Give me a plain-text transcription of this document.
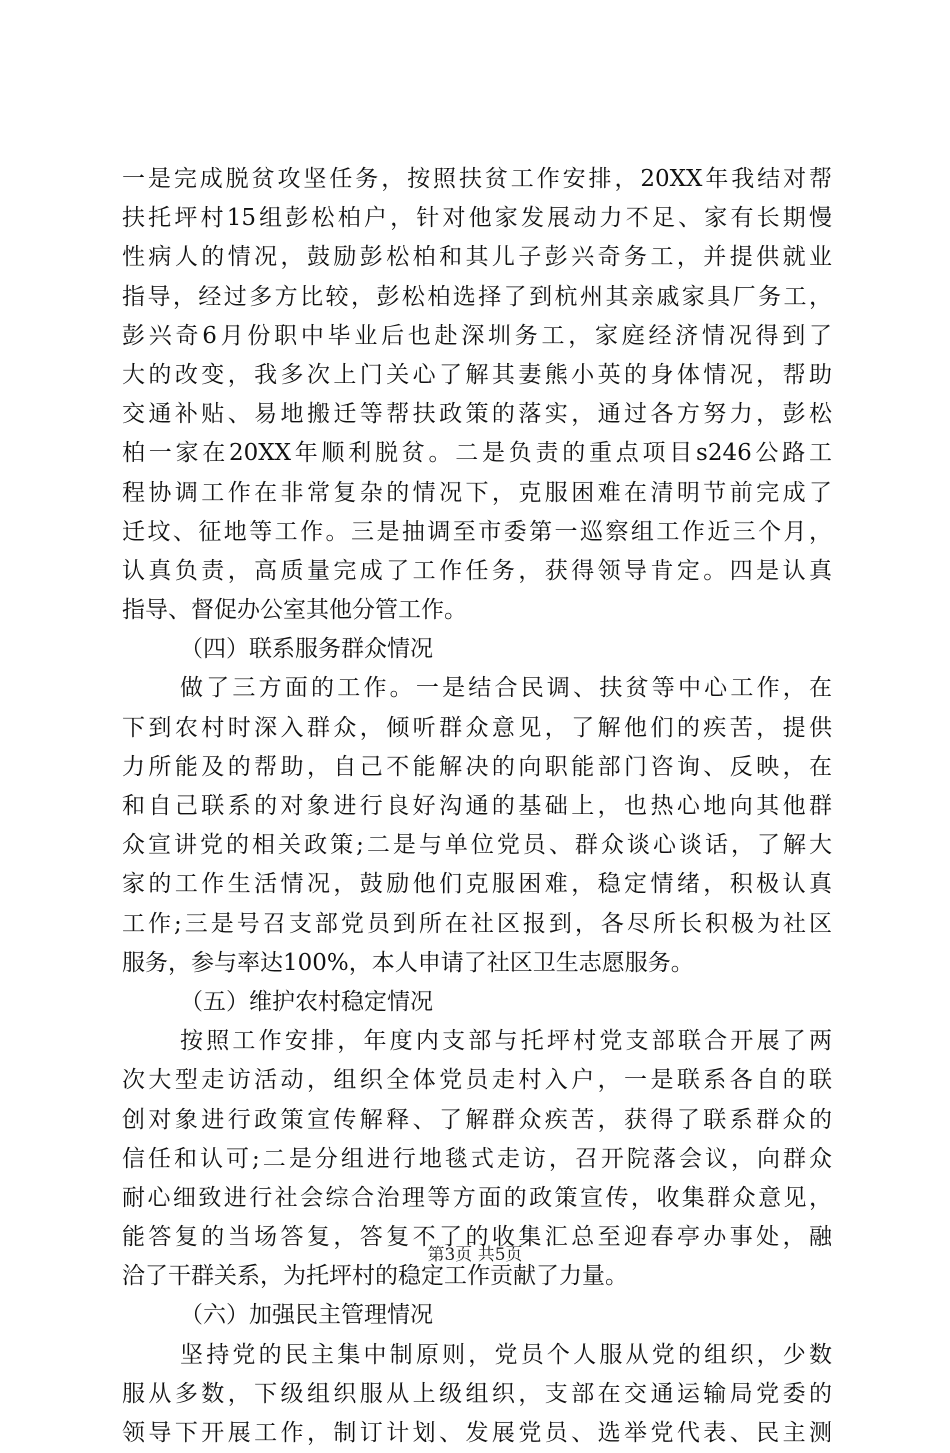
一是完成脱贫攻坚任务，按照扶贫工作安排，20XX年我结对帮
扶托坪村15组彭松柏户，针对他家发展动力不足、家有长期慢
性病人的情况，鼓励彭松柏和其儿子彭兴奇务工，并提供就业
指导，经过多方比较，彭松柏选择了到杭州其亲戚家具厂务工，
彭兴奇6月份职中毕业后也赴深圳务工，家庭经济情况得到了
大的改变，我多次上门关心了解其妻熊小英的身体情况，帮助
交通补贴、易地搬迁等帮扶政策的落实，通过各方努力，彭松
柏一家在20XX年顺利脱贫。二是负责的重点项目s246公路工
程协调工作在非常复杂的情况下，克服困难在清明节前完成了
迁坟、征地等工作。三是抽调至市委第一巡察组工作近三个月，
认真负责，高质量完成了工作任务，获得领导肯定。四是认真
指导、督促办公室其他分管工作。
（四）联系服务群众情况
做了三方面的工作。一是结合民调、扶贫等中心工作，在
下到农村时深入群众，倾听群众意见，了解他们的疾苦，提供
力所能及的帮助，自己不能解决的向职能部门咨询、反映，在
和自己联系的对象进行良好沟通的基础上，也热心地向其他群
众宣讲党的相关政策;二是与单位党员、群众谈心谈话，了解大
家的工作生活情况，鼓励他们克服困难，稳定情绪，积极认真
工作;三是号召支部党员到所在社区报到，各尽所长积极为社区
服务，参与率达100%，本人申请了社区卫生志愿服务。
（五）维护农村稳定情况
按照工作安排，年度内支部与托坪村党支部联合开展了两
次大型走访活动，组织全体党员走村入户，一是联系各自的联
创对象进行政策宣传解释、了解群众疾苦，获得了联系群众的
信任和认可;二是分组进行地毯式走访，召开院落会议，向群众
耐心细致进行社会综合治理等方面的政策宣传，收集群众意见，
能答复的当场答复，答复不了的收集汇总至迎春亭办事处，融
洽了干群关系，为托坪村的稳定工作贡献了力量。
（六）加强民主管理情况
坚持党的民主集中制原则，党员个人服从党的组织，少数
服从多数，下级组织服从上级组织，支部在交通运输局党委的
领导下开展工作，制订计划、发展党员、选举党代表、民主测
第3页 共5页
